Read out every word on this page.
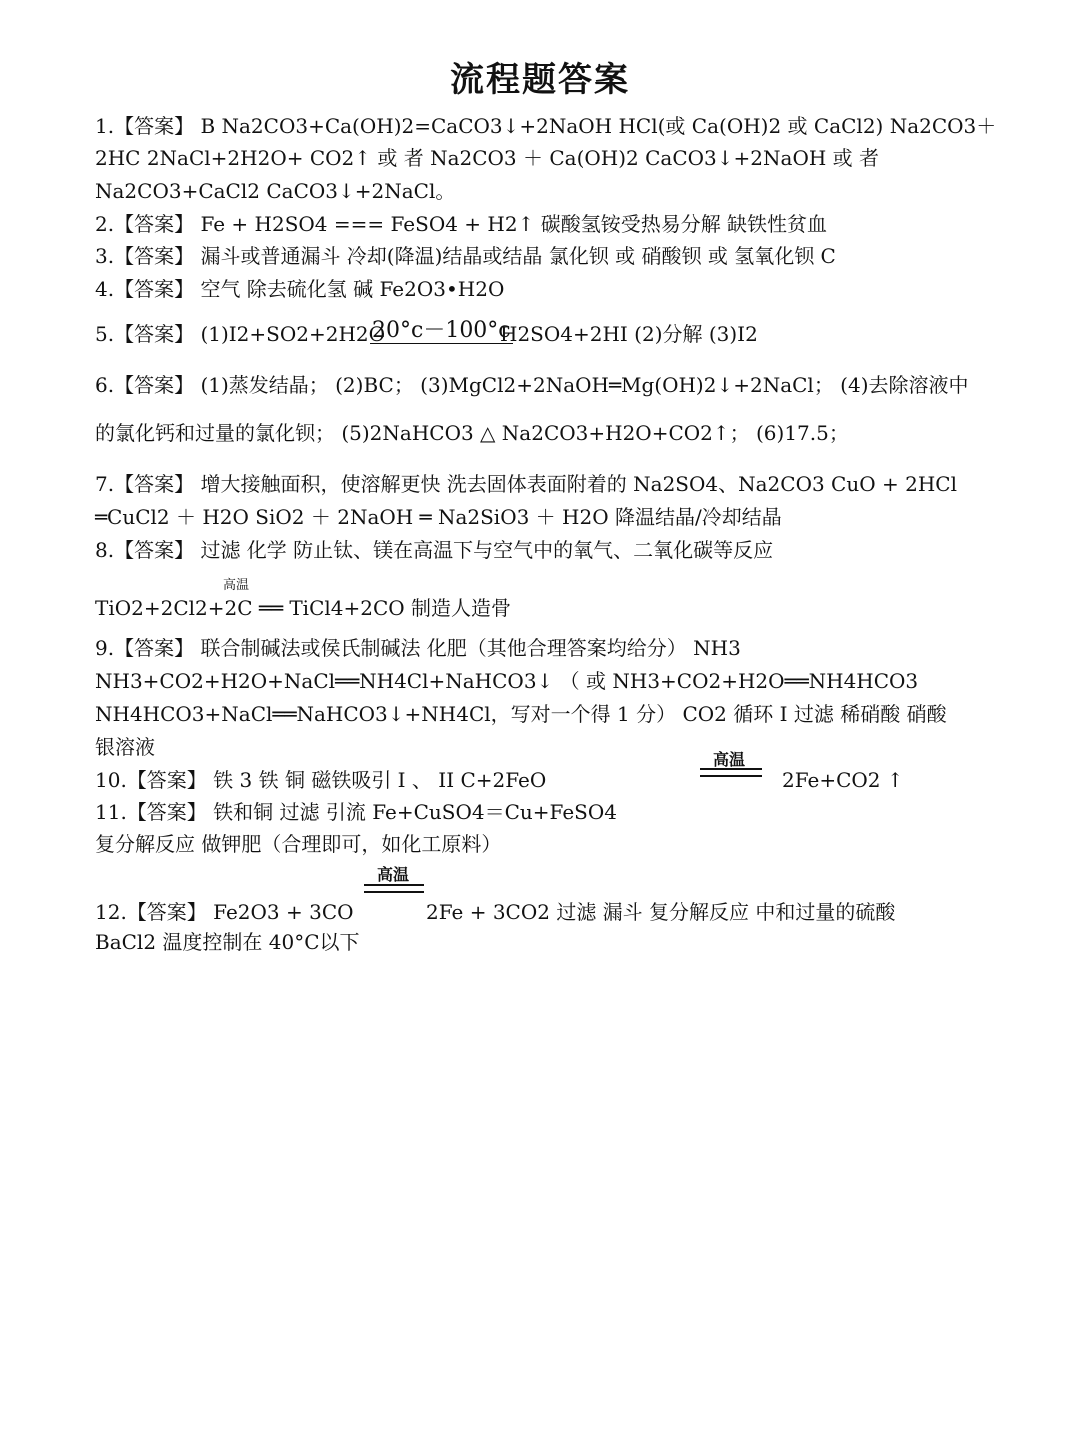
流程题答案
1.【答案】 B Na2CO3+Ca(OH)2=CaCO3↓+2NaOH HCl(或 Ca(OH)2 或 CaCl2) Na2CO3＋
2HC 2NaCl+2H2O+ CO2↑ 或 者 Na2CO3 ＋ Ca(OH)2 CaCO3↓+2NaOH 或 者
Na2CO3+CaCl2 CaCO3↓+2NaCl。
2.【答案】 Fe + H2SO4 === FeSO4 + H2↑ 碳酸氢铵受热易分解 缺铁性贫血
3.【答案】 漏斗或普通漏斗 冷却(降温)结晶或结晶 氯化钡 或 硝酸钡 或 氢氧化钡 C
4.【答案】 空气 除去硫化氢 碱 Fe2O3•H2O
5.【答案】 (1)I2+SO2+2H2O
20°c－100°c
H2SO4+2HI (2)分解 (3)I2
6.【答案】 (1)蒸发结晶； (2)BC； (3)MgCl2+2NaOH═Mg(OH)2↓+2NaCl； (4)去除溶液中
的氯化钙和过量的氯化钡； (5)2NaHCO3 △ Na2CO3+H2O+CO2↑； (6)17.5；
7.【答案】 增大接触面积，使溶解更快 洗去固体表面附着的 Na2SO4、Na2CO3 CuO + 2HCl
═CuCl2 ＋ H2O SiO2 ＋ 2NaOH ═ Na2SiO3 ＋ H2O 降温结晶/冷却结晶
8.【答案】 过滤 化学 防止钛、镁在高温下与空气中的氧气、二氧化碳等反应
高温
TiO2+2Cl2+2C ══ TiCl4+2CO 制造人造骨
9.【答案】 联合制碱法或侯氏制碱法 化肥（其他合理答案均给分） NH3
NH3+CO2+H2O+NaCl══NH4Cl+NaHCO3↓ （ 或 NH3+CO2+H2O══NH4HCO3
NH4HCO3+NaCl══NaHCO3↓+NH4Cl，写对一个得 1 分） CO2 循环 I 过滤 稀硝酸 硝酸
银溶液
10.【答案】 铁 3 铁 铜 磁铁吸引 I 、 II C+2FeO
高温
2Fe+CO2 ↑
11.【答案】 铁和铜 过滤 引流 Fe+CuSO4＝Cu+FeSO4
复分解反应 做钾肥（合理即可，如化工原料）
高温
12.【答案】 Fe2O3 + 3CO	2Fe + 3CO2 过滤 漏斗 复分解反应 中和过量的硫酸
BaCl2 温度控制在 40°C以下
